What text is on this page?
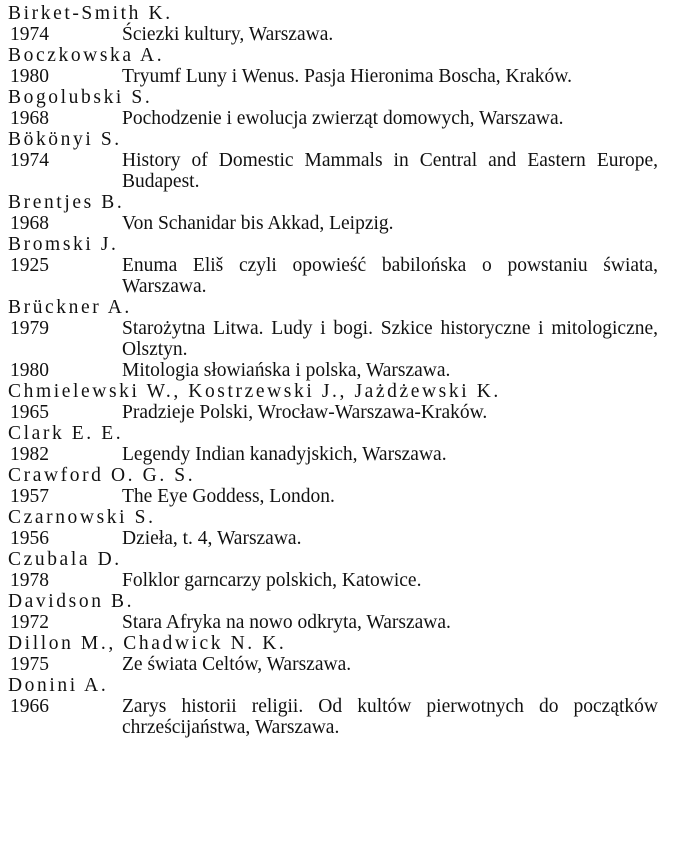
Birket-Smith K.
1974	Ściezki kultury, Warszawa.
Boczkowska A.
1980	Tryumf Luny i Wenus. Pasja Hieronima Boscha, Kraków.
Bogolubski S.
1968	Pochodzenie i ewolucja zwierząt domowych, Warszawa.
Bökönyi S.
1974	History of Domestic Mammals in Central and Eastern Europe, Budapest.
Brentjes B.
1968	Von Schanidar bis Akkad, Leipzig.
Bromski J.
1925	Enuma Eliš czyli opowieść babilońska o powstaniu świata, Warszawa.
Brückner A.
1979	Starożytna Litwa. Ludy i bogi. Szkice historyczne i mitologiczne, Olsztyn.
1980	Mitologia słowiańska i polska, Warszawa.
Chmielewski W., Kostrzewski J., Jażdżewski K.
1965	Pradzieje Polski, Wrocław-Warszawa-Kraków.
Clark E. E.
1982	Legendy Indian kanadyjskich, Warszawa.
Crawford O. G. S.
1957	The Eye Goddess, London.
Czarnowski S.
1956	Dzieła, t. 4, Warszawa.
Czubala D.
1978	Folklor garncarzy polskich, Katowice.
Davidson B.
1972	Stara Afryka na nowo odkryta, Warszawa.
Dillon M., Chadwick N. K.
1975	Ze świata Celtów, Warszawa.
Donini A.
1966	Zarys historii religii. Od kultów pierwotnych do początków chrześcijaństwa, Warszawa.
